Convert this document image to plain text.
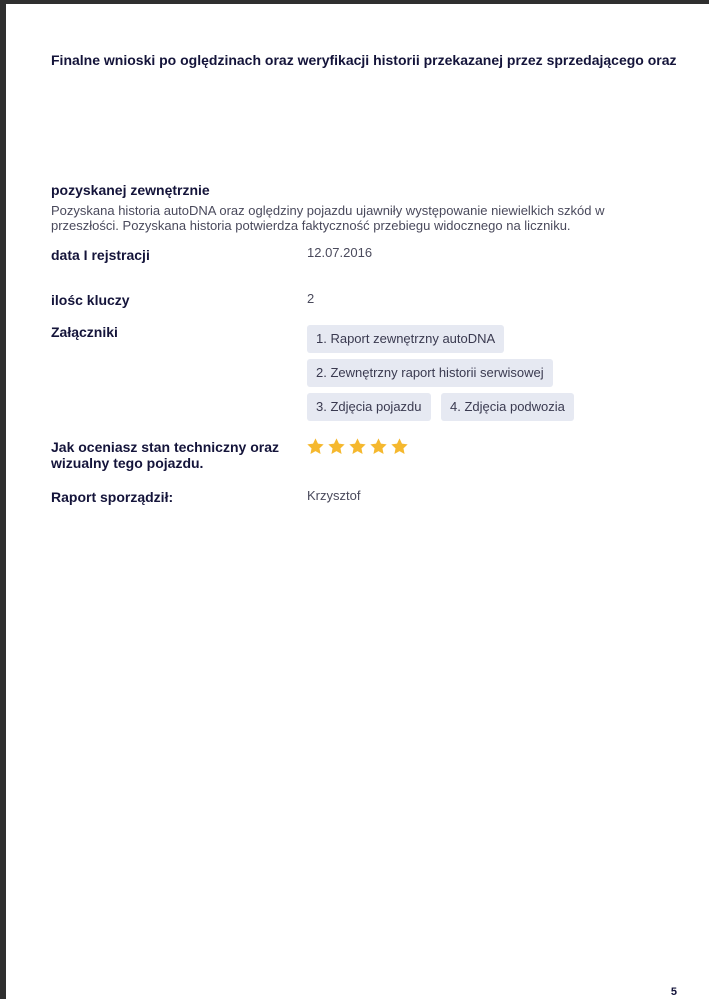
Finalne wnioski po oględzinach oraz weryfikacji historii przekazanej przez sprzedającego oraz
pozyskanej zewnętrznie
Pozyskana historia autoDNA oraz oględziny pojazdu ujawniły występowanie niewielkich szkód w przeszłości. Pozyskana historia potwierdza faktyczność przebiegu widocznego na liczniku.
data I rejstracji	12.07.2016
ilośc kluczy	2
Załączniki	1. Raport zewnętrzny autoDNA
2. Zewnętrzny raport historii serwisowej
3. Zdjęcia pojazdu	4. Zdjęcia podwozia
Jak oceniasz stan techniczny oraz wizualny tego pojazdu.
Raport sporządził:	Krzysztof
5
